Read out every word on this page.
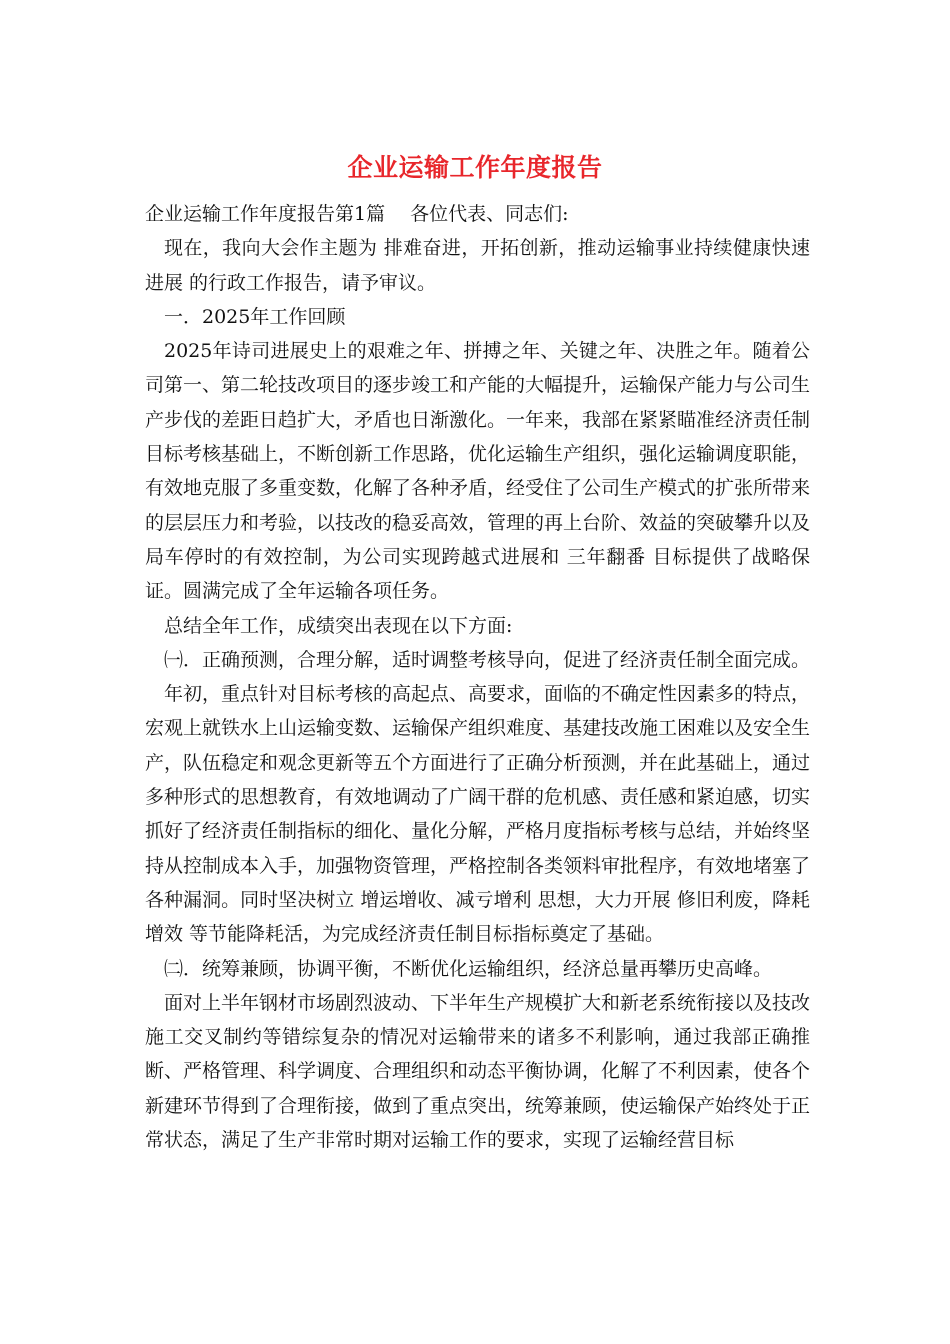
企业运输工作年度报告

企业运输工作年度报告第1篇　 各位代表、同志们:

现在，我向大会作主题为 排难奋进，开拓创新，推动运输事业持续健康快速进展 的行政工作报告，请予审议。

一．2025年工作回顾

2025年诗司进展史上的艰难之年、拼搏之年、关键之年、决胜之年。随着公司第一、第二轮技改项目的逐步竣工和产能的大幅提升，运输保产能力与公司生产步伐的差距日趋扩大，矛盾也日渐激化。一年来，我部在紧紧瞄准经济责任制目标考核基础上，不断创新工作思路，优化运输生产组织，强化运输调度职能，有效地克服了多重变数，化解了各种矛盾，经受住了公司生产模式的扩张所带来的层层压力和考验，以技改的稳妥高效，管理的再上台阶、效益的突破攀升以及局车停时的有效控制，为公司实现跨越式进展和 三年翻番 目标提供了战略保证。圆满完成了全年运输各项任务。

总结全年工作，成绩突出表现在以下方面:

㈠．正确预测，合理分解，适时调整考核导向，促进了经济责任制全面完成。

年初，重点针对目标考核的高起点、高要求，面临的不确定性因素多的特点，宏观上就铁水上山运输变数、运输保产组织难度、基建技改施工困难以及安全生产，队伍稳定和观念更新等五个方面进行了正确分析预测，并在此基础上，通过多种形式的思想教育，有效地调动了广阔干群的危机感、责任感和紧迫感，切实抓好了经济责任制指标的细化、量化分解，严格月度指标考核与总结，并始终坚持从控制成本入手，加强物资管理，严格控制各类领料审批程序，有效地堵塞了各种漏洞。同时坚决树立 增运增收、减亏增利 思想，大力开展 修旧利废，降耗增效 等节能降耗活，为完成经济责任制目标指标奠定了基础。

㈡．统筹兼顾，协调平衡，不断优化运输组织，经济总量再攀历史高峰。

面对上半年钢材市场剧烈波动、下半年生产规模扩大和新老系统衔接以及技改施工交叉制约等错综复杂的情况对运输带来的诸多不利影响，通过我部正确推断、严格管理、科学调度、合理组织和动态平衡协调，化解了不利因素，使各个新建环节得到了合理衔接，做到了重点突出，统筹兼顾，使运输保产始终处于正常状态，满足了生产非常时期对运输工作的要求，实现了运输经营目标
